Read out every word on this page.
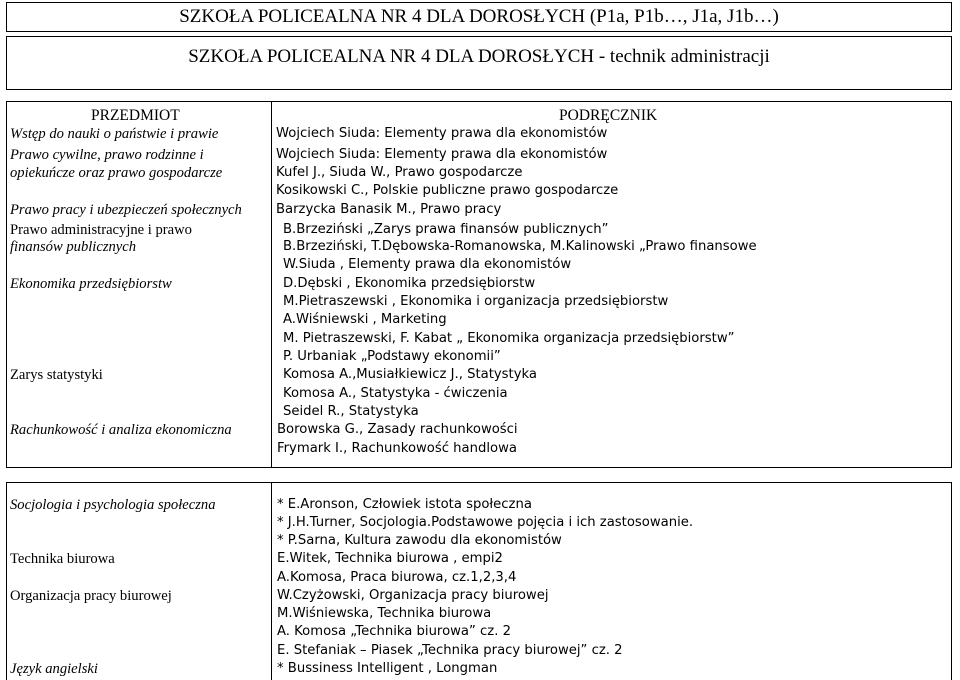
SZKOŁA POLICEALNA NR 4 DLA DOROSŁYCH (P1a, P1b…, J1a, J1b…)
SZKOŁA POLICEALNA NR 4 DLA DOROSŁYCH - technik administracji
PRZEDMIOT	PODRĘCZNIK
Wstęp do nauki o państwie i prawie
Prawo cywilne, prawo rodzinne i
opiekuńcze oraz prawo gospodarcze
Prawo pracy i ubezpieczeń społecznych
Prawo administracyjne i prawo
finansów publicznych
Ekonomika przedsiębiorstw
Zarys statystyki
Rachunkowość i analiza ekonomiczna
Wojciech Siuda: Elementy prawa dla ekonomistów
Wojciech Siuda: Elementy prawa dla ekonomistów
Kufel J., Siuda W., Prawo gospodarcze
Kosikowski C., Polskie publiczne prawo gospodarcze
Barzycka Banasik M., Prawo pracy
B.Brzeziński „Zarys prawa finansów publicznych”
B.Brzeziński, T.Dębowska-Romanowska, M.Kalinowski „Prawo finansowe
W.Siuda , Elementy prawa dla ekonomistów
D.Dębski , Ekonomika przedsiębiorstw
M.Pietraszewski , Ekonomika i organizacja przedsiębiorstw
A.Wiśniewski , Marketing
M. Pietraszewski, F. Kabat „ Ekonomika organizacja przedsiębiorstw”
P. Urbaniak „Podstawy ekonomii”
Komosa A.,Musiałkiewicz J., Statystyka
Komosa A., Statystyka - ćwiczenia
Seidel R., Statystyka
Borowska G., Zasady rachunkowości
Frymark I., Rachunkowość handlowa
Socjologia i psychologia społeczna
Technika biurowa
Organizacja pracy biurowej
Język angielski
* E.Aronson, Człowiek istota społeczna
* J.H.Turner, Socjologia.Podstawowe pojęcia i ich zastosowanie.
* P.Sarna, Kultura zawodu dla ekonomistów
E.Witek, Technika biurowa , empi2
A.Komosa, Praca biurowa, cz.1,2,3,4
W.Czyżowski, Organizacja pracy biurowej
M.Wiśniewska, Technika biurowa
A. Komosa „Technika biurowa” cz. 2
E. Stefaniak – Piasek „Technika pracy biurowej” cz. 2
* Bussiness Intelligent , Longman
